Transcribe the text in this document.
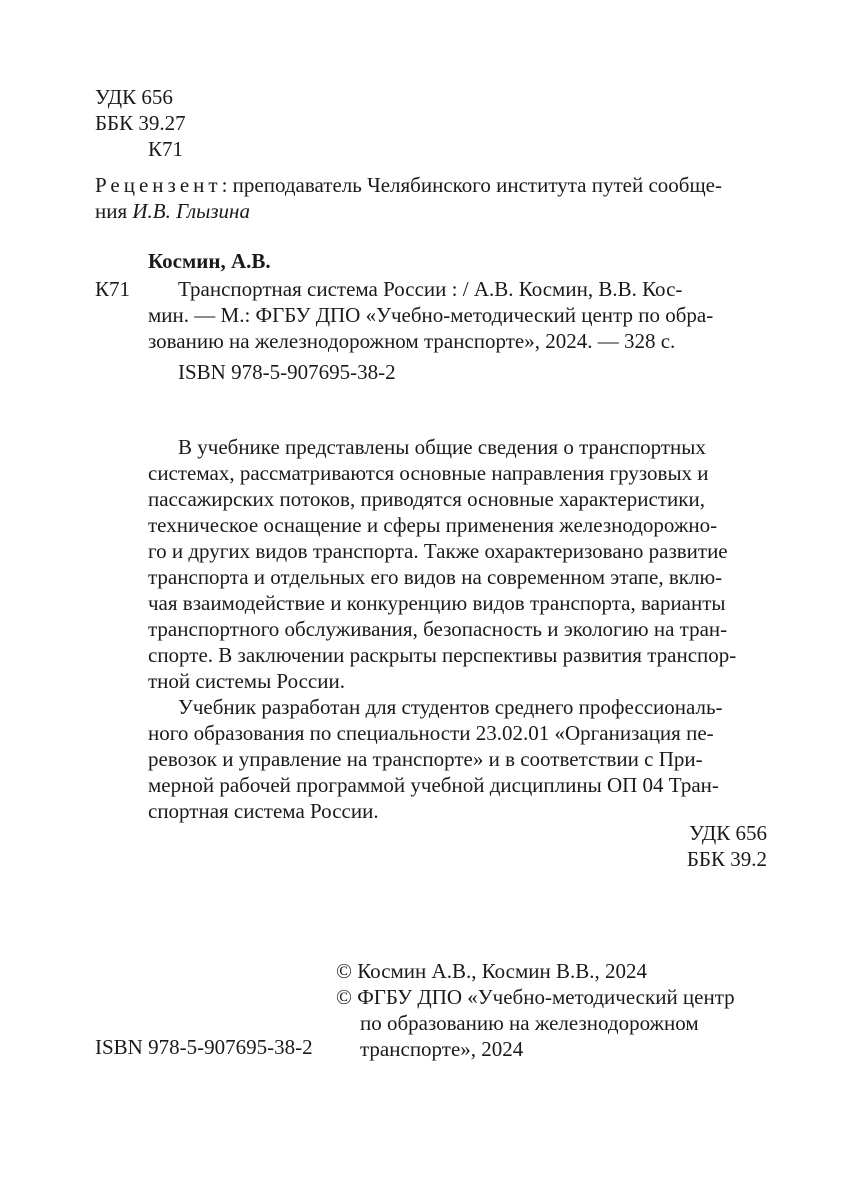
УДК 656
ББК 39.27
К71
Рецензент: преподаватель Челябинского института путей сообще-
ния И.В. Глызина
Космин, А.В.
К71	Транспортная система России : / А.В. Космин, В.В. Кос-
мин. — М.: ФГБУ ДПО «Учебно-методический центр по обра-
зованию на железнодорожном транспорте», 2024. — 328 с.
ISBN 978-5-907695-38-2
В учебнике представлены общие сведения о транспортных
системах, рассматриваются основные направления грузовых и
пассажирских потоков, приводятся основные характеристики,
техническое оснащение и сферы применения железнодорожно-
го и других видов транспорта. Также охарактеризовано развитие
транспорта и отдельных его видов на современном этапе, вклю-
чая взаимодействие и конкуренцию видов транспорта, варианты
транспортного обслуживания, безопасность и экологию на тран-
спорте. В заключении раскрыты перспективы развития транспор-
тной системы России.
Учебник разработан для студентов среднего профессиональ-
ного образования по специальности 23.02.01 «Организация пе-
ревозок и управление на транспорте» и в соответствии с При-
мерной рабочей программой учебной дисциплины ОП 04 Тран-
спортная система России.
УДК 656
ББК 39.2
© Космин А.В., Космин В.В., 2024
© ФГБУ ДПО «Учебно-методический центр
по образованию на железнодорожном
транспорте», 2024
ISBN 978-5-907695-38-2
